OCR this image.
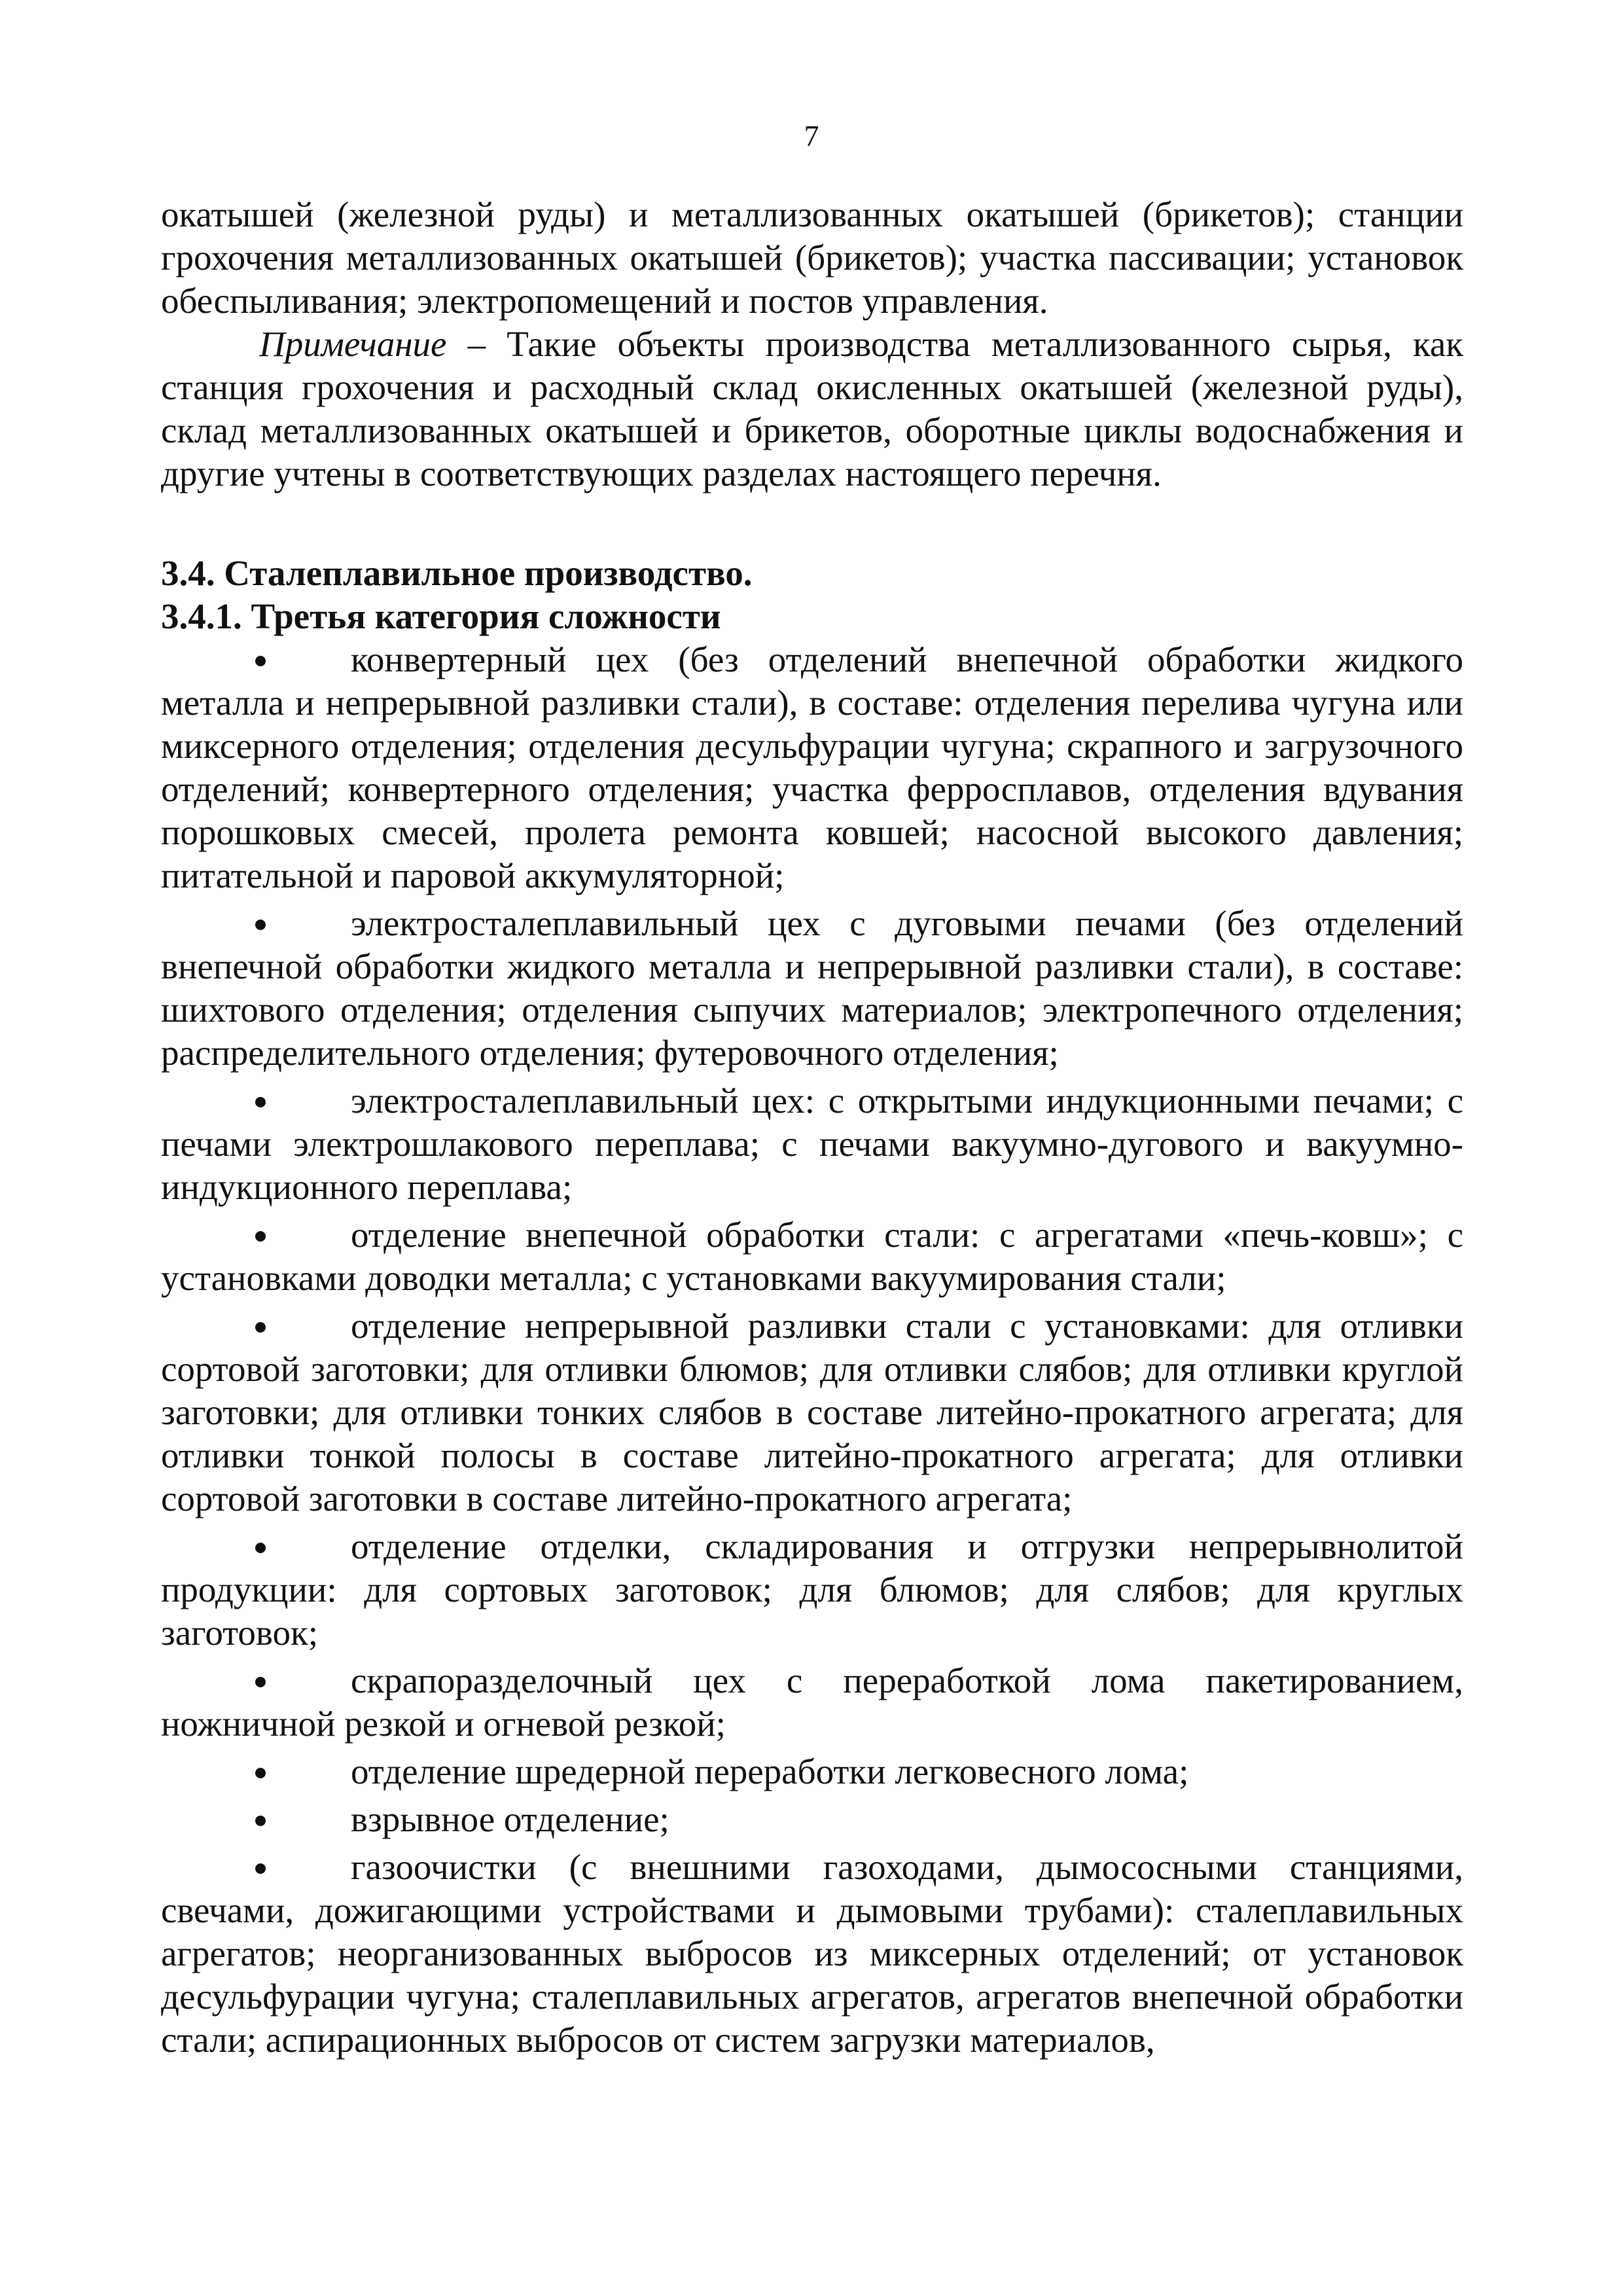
7

окатышей (железной руды) и металлизованных окатышей (брикетов); станции грохочения металлизованных окатышей (брикетов); участка пассивации; установок обеспыливания; электропомещений и постов управления.

Примечание – Такие объекты производства металлизованного сырья, как станция грохочения и расходный склад окисленных окатышей (железной руды), склад металлизованных окатышей и брикетов, оборотные циклы водоснабжения и другие учтены в соответствующих разделах настоящего перечня.

3.4. Сталеплавильное производство.

3.4.1. Третья категория сложности

конвертерный цех (без отделений внепечной обработки жидкого металла и непрерывной разливки стали), в составе: отделения перелива чугуна или миксерного отделения; отделения десульфурации чугуна; скрапного и загрузочного отделений; конвертерного отделения; участка ферросплавов, отделения вдувания порошковых смесей, пролета ремонта ковшей; насосной высокого давления; питательной и паровой аккумуляторной;
электросталеплавильный цех с дуговыми печами (без отделений внепечной обработки жидкого металла и непрерывной разливки стали), в составе: шихтового отделения; отделения сыпучих материалов; электропечного отделения; распределительного отделения; футеровочного отделения;
электросталеплавильный цех: с открытыми индукционными печами; с печами электрошлакового переплава; с печами вакуумно-дугового и вакуумно-индукционного переплава;
отделение внепечной обработки стали: с агрегатами «печь-ковш»; с установками доводки металла; с установками вакуумирования стали;
отделение непрерывной разливки стали с установками: для отливки сортовой заготовки; для отливки блюмов; для отливки слябов; для отливки круглой заготовки; для отливки тонких слябов в составе литейно-прокатного агрегата; для отливки тонкой полосы в составе литейно-прокатного агрегата; для отливки сортовой заготовки в составе литейно-прокатного агрегата;
отделение отделки, складирования и отгрузки непрерывнолитой продукции: для сортовых заготовок; для блюмов; для слябов; для круглых заготовок;
скрапоразделочный цех с переработкой лома пакетированием, ножничной резкой и огневой резкой;
отделение шредерной переработки легковесного лома;
взрывное отделение;
газоочистки (с внешними газоходами, дымососными станциями, свечами, дожигающими устройствами и дымовыми трубами): сталеплавильных агрегатов; неорганизованных выбросов из миксерных отделений; от установок десульфурации чугуна; сталеплавильных агрегатов, агрегатов внепечной обработки стали; аспирационных выбросов от систем загрузки материалов,
